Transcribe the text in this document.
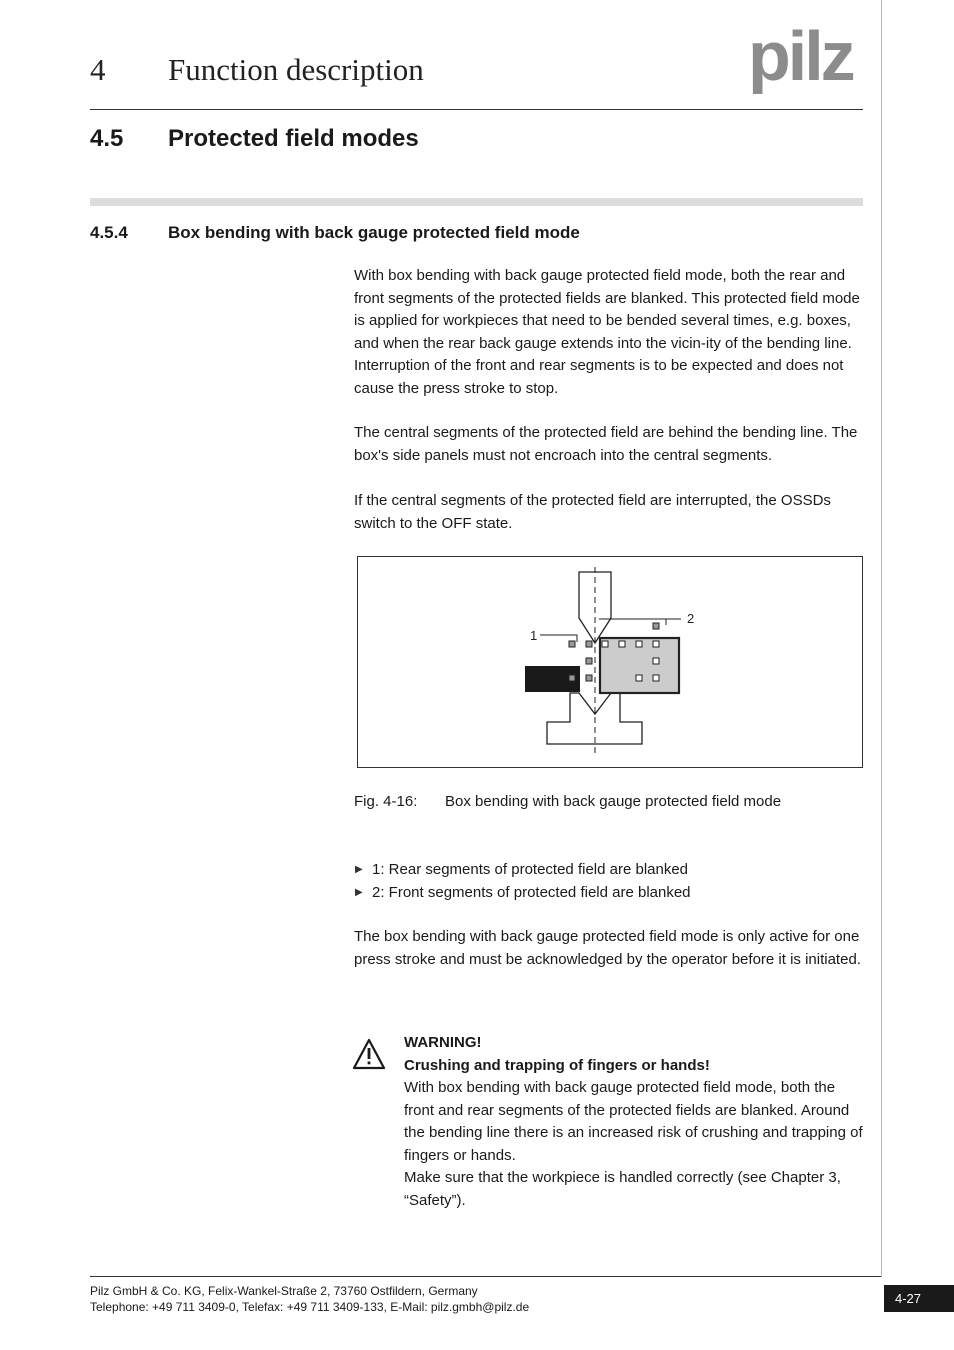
4 Function description	pilz
4.5 Protected field modes
4.5.4 Box bending with back gauge protected field mode

With box bending with back gauge protected field mode, both the rear and front segments of the protected fields are blanked. This protected field mode is applied for workpieces that need to be bended several times, e.g. boxes, and when the rear back gauge extends into the vicin-ity of the bending line. Interruption of the front and rear segments is to be expected and does not cause the press stroke to stop.

The central segments of the protected field are behind the bending line. The box's side panels must not encroach into the central segments.

If the central segments of the protected field are interrupted, the OSSDs switch to the OFF state.

1
2
Fig. 4-16: Box bending with back gauge protected field mode
▶ 1: Rear segments of protected field are blanked
▶ 2: Front segments of protected field are blanked

The box bending with back gauge protected field mode is only active for one press stroke and must be acknowledged by the operator before it is initiated.

WARNING!
Crushing and trapping of fingers or hands!
With box bending with back gauge protected field mode, both the front and rear segments of the protected fields are blanked. Around the bending line there is an increased risk of crushing and trapping of fingers or hands.
Make sure that the workpiece is handled correctly (see Chapter 3, “Safety”).
Pilz GmbH & Co. KG, Felix-Wankel-Straße 2, 73760 Ostfildern, Germany
Telephone: +49 711 3409-0, Telefax: +49 711 3409-133, E-Mail: pilz.gmbh@pilz.de
4-27
